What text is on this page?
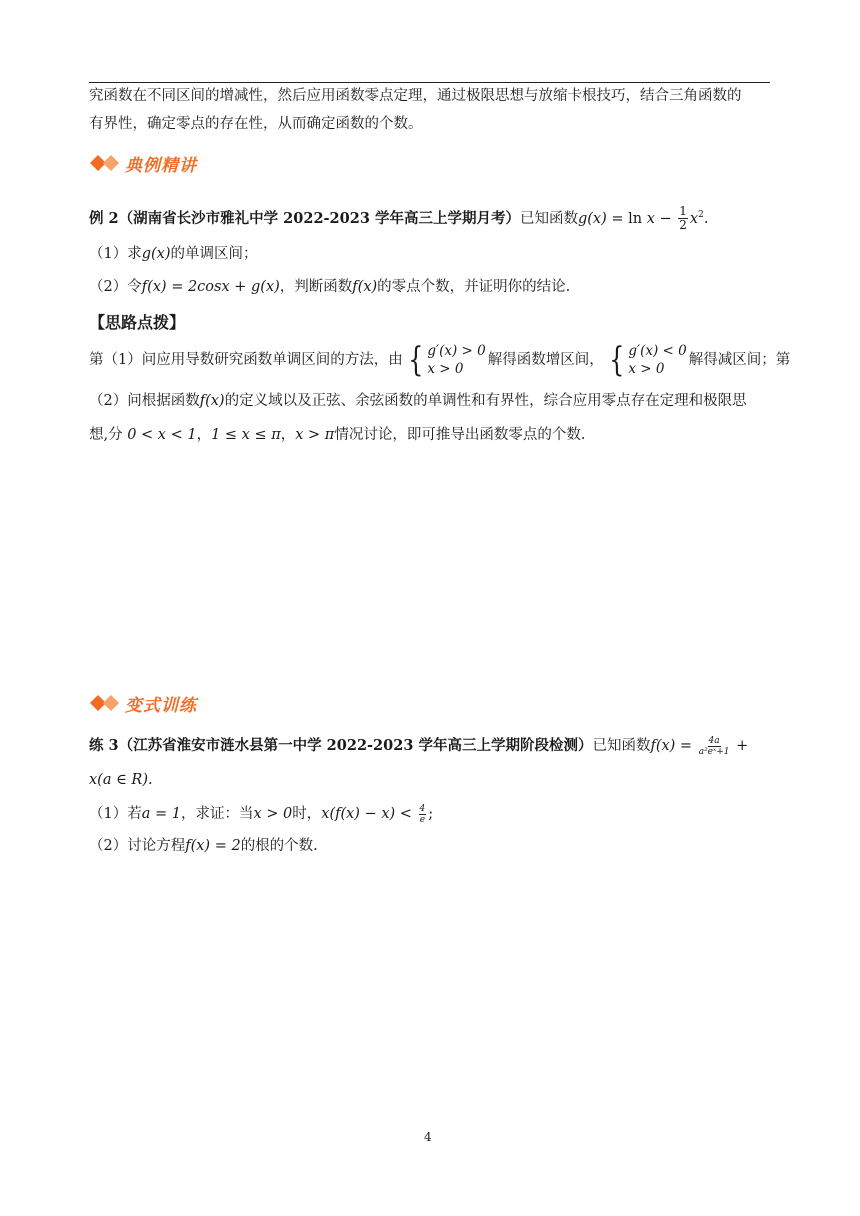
究函数在不同区间的增减性，然后应用函数零点定理，通过极限思想与放缩卡根技巧，结合三角函数的
有界性，确定零点的存在性，从而确定函数的个数。
典例精讲
例 2（湖南省长沙市雅礼中学 2022-2023 学年高三上学期月考）已知函数$g(x) = \ln x - \frac{1}{2} x^2$.
（1）求g(x)的单调区间；
（2）令f(x) = 2cosx + g(x)，判断函数f(x)的零点个数，并证明你的结论.
【思路点拨】
第（1）问应用导数研究函数单调区间的方法，由 { g′(x) > 0
x > 0
解得函数增区间， { g′(x) < 0
x > 0
解得减区间；第
（2）问根据函数f(x)的定义域以及正弦、余弦函数的单调性和有界性，综合应用零点存在定理和极限思
想,分 0 < x < 1，1 ≤ x ≤ π，x > π情况讨论，即可推导出函数零点的个数.
变式训练
练 3（江苏省淮安市涟水县第一中学 2022-2023 学年高三上学期阶段检测）已知函数$f(x) = \frac{4a}{\text{a²eˣ+1}}$ +
x(a ∈ R).
（1）若a = 1，求证：当x > 0时，$x(f(x) - x) < \frac{4}{e}$ ;
（2）讨论方程f(x) = 2的根的个数.
4
